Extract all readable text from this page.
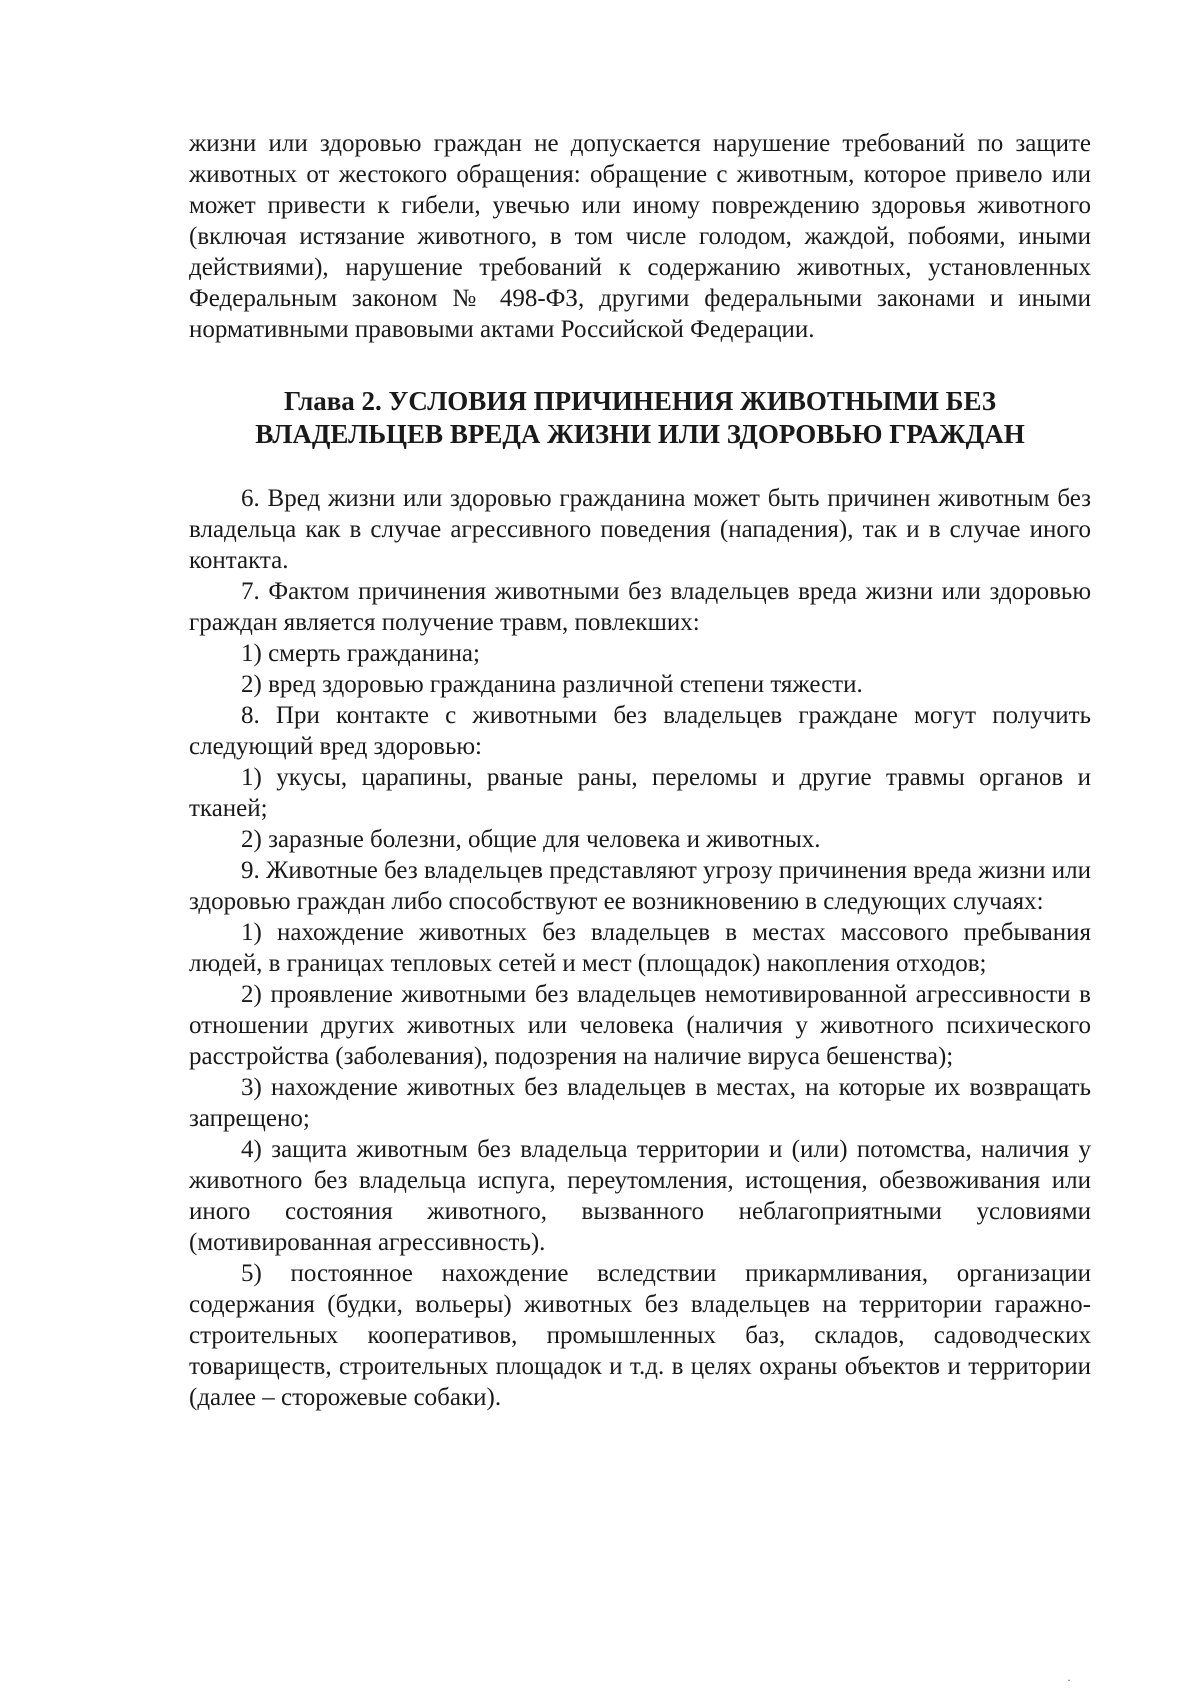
жизни или здоровью граждан не допускается нарушение требований по защите животных от жестокого обращения: обращение с животным, которое привело или может привести к гибели, увечью или иному повреждению здоровья животного (включая истязание животного, в том числе голодом, жаждой, побоями, иными действиями), нарушение требований к содержанию животных, установленных Федеральным законом № 498-ФЗ, другими федеральными законами и иными нормативными правовыми актами Российской Федерации.

Глава 2. УСЛОВИЯ ПРИЧИНЕНИЯ ЖИВОТНЫМИ БЕЗ
ВЛАДЕЛЬЦЕВ ВРЕДА ЖИЗНИ ИЛИ ЗДОРОВЬЮ ГРАЖДАН

6. Вред жизни или здоровью гражданина может быть причинен животным без владельца как в случае агрессивного поведения (нападения), так и в случае иного контакта.

7. Фактом причинения животными без владельцев вреда жизни или здоровью граждан является получение травм, повлекших:

1) смерть гражданина;

2) вред здоровью гражданина различной степени тяжести.

8. При контакте с животными без владельцев граждане могут получить следующий вред здоровью:

1) укусы, царапины, рваные раны, переломы и другие травмы органов и тканей;

2) заразные болезни, общие для человека и животных.

9. Животные без владельцев представляют угрозу причинения вреда жизни или здоровью граждан либо способствуют ее возникновению в следующих случаях:

1) нахождение животных без владельцев в местах массового пребывания людей, в границах тепловых сетей и мест (площадок) накопления отходов;

2) проявление животными без владельцев немотивированной агрессивности в отношении других животных или человека (наличия у животного психического расстройства (заболевания), подозрения на наличие вируса бешенства);

3) нахождение животных без владельцев в местах, на которые их возвращать запрещено;

4) защита животным без владельца территории и (или) потомства, наличия у животного без владельца испуга, переутомления, истощения, обезвоживания или иного состояния животного, вызванного неблагоприятными условиями (мотивированная агрессивность).

5) постоянное нахождение вследствии прикармливания, организации содержания (будки, вольеры) животных без владельцев на территории гаражно-строительных кооперативов, промышленных баз, складов, садоводческих товариществ, строительных площадок и т.д. в целях охраны объектов и территории (далее – сторожевые собаки).

·
